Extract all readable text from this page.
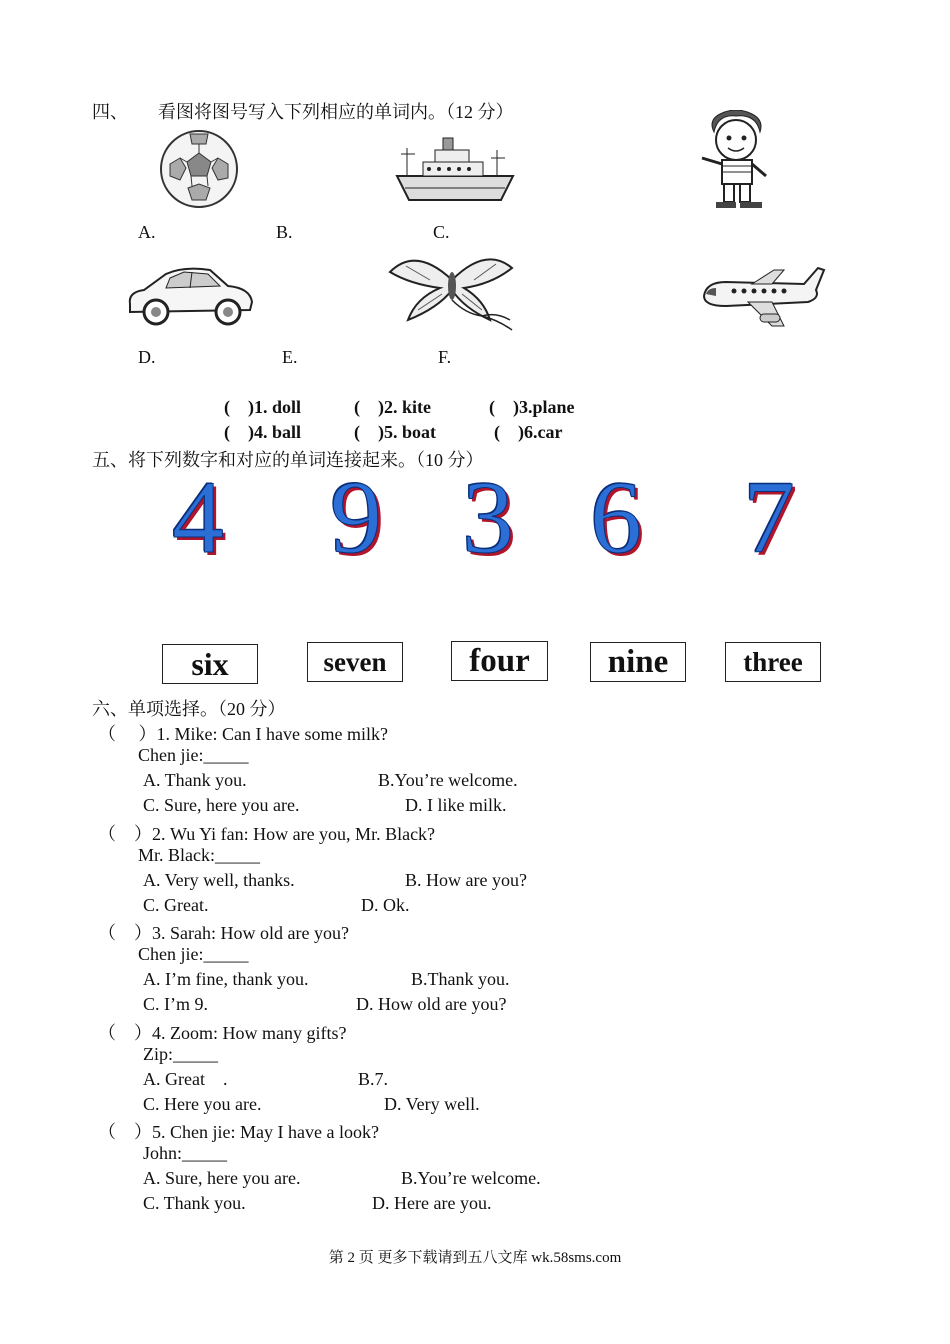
四、 看图将图号写入下列相应的单词内。（12 分）
A.	B.	C.
D.	E.	F.
(    )1. doll	(    )2. kite	(    )3.plane
(    )4. ball	(    )5. boat	(    )6.car
五、将下列数字和对应的单词连接起来。（10 分）
4 9 3 6 7
six	seven	four	nine	three
六、单项选择。（20 分）
（     ）1. Mike: Can I have some milk?
Chen jie:_____
A. Thank you.	B.You’re welcome.
C. Sure, here you are.	D. I like milk.
（    ）2. Wu Yi fan: How are you, Mr. Black?
Mr. Black:_____
A. Very well, thanks.	B. How are you?
C. Great.	D. Ok.
（    ）3. Sarah: How old are you?
Chen jie:_____
A. I’m fine, thank you.	B.Thank you.
C. I’m 9.	D. How old are you?
（    ）4. Zoom: How many gifts?
Zip:_____
A. Great    .	B.7.
C. Here you are.	D. Very well.
（    ）5. Chen jie: May I have a look?
John:_____
A. Sure, here you are.	B.You’re welcome.
C. Thank you.	D. Here are you.
第 2 页 更多下载请到五八文库 wk.58sms.com
